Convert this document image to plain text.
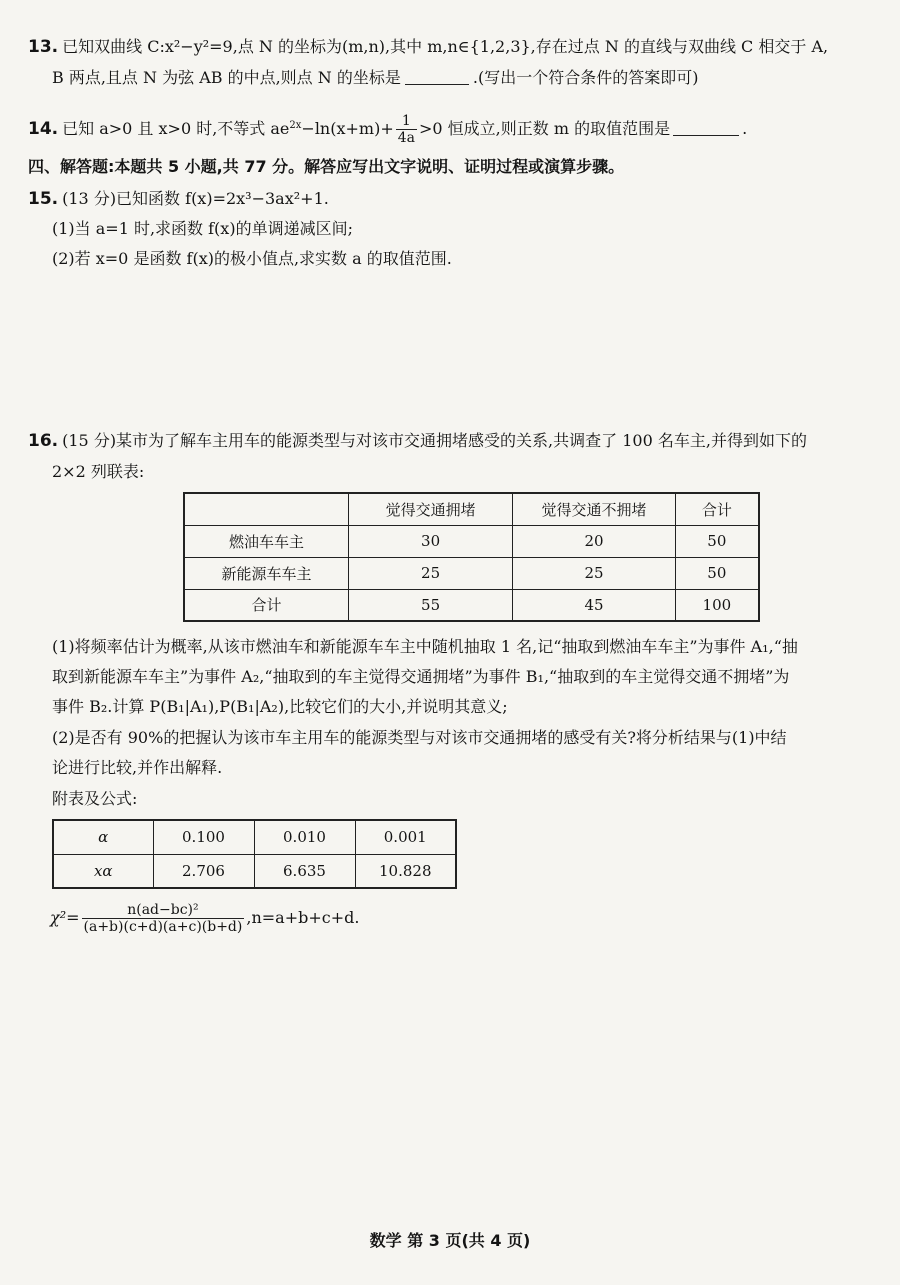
13. 已知双曲线 C:x²−y²=9,点 N 的坐标为(m,n),其中 m,n∈{1,2,3},存在过点 N 的直线与双曲线 C 相交于 A,
B 两点,且点 N 为弦 AB 的中点,则点 N 的坐标是	.(写出一个符合条件的答案即可)
14. 已知 a>0 且 x>0 时,不等式 $ae^{2x}-\ln(x+m)+ \frac{1}{4a} >0$ 恒成立,则正数 m 的取值范围是	.
四、解答题:本题共 5 小题,共 77 分。解答应写出文字说明、证明过程或演算步骤。
15. (13 分)已知函数 f(x)=2x³−3ax²+1.
(1)当 a=1 时,求函数 f(x)的单调递减区间;
(2)若 x=0 是函数 f(x)的极小值点,求实数 a 的取值范围.
16. (15 分)某市为了解车主用车的能源类型与对该市交通拥堵感受的关系,共调查了 100 名车主,并得到如下的
2×2 列联表:
	觉得交通拥堵	觉得交通不拥堵	合计
燃油车车主	30	20	50
新能源车车主	25	25	50
合计	55	45	100
(1)将频率估计为概率,从该市燃油车和新能源车车主中随机抽取 1 名,记“抽取到燃油车车主”为事件 A₁,“抽
取到新能源车车主”为事件 A₂,“抽取到的车主觉得交通拥堵”为事件 B₁,“抽取到的车主觉得交通不拥堵”为
事件 B₂.计算 P(B₁|A₁),P(B₁|A₂),比较它们的大小,并说明其意义;
(2)是否有 90%的把握认为该市车主用车的能源类型与对该市交通拥堵的感受有关?将分析结果与(1)中结
论进行比较,并作出解释.
附表及公式:
α	0.100	0.010	0.001
xα	2.706	6.635	10.828
$\chi^2= \frac{\text{n(ad−bc)²}}{(a+b)(c+d)(a+c)(b+d)} ,n=a+b+c+d$.
数学 第 3 页(共 4 页)
